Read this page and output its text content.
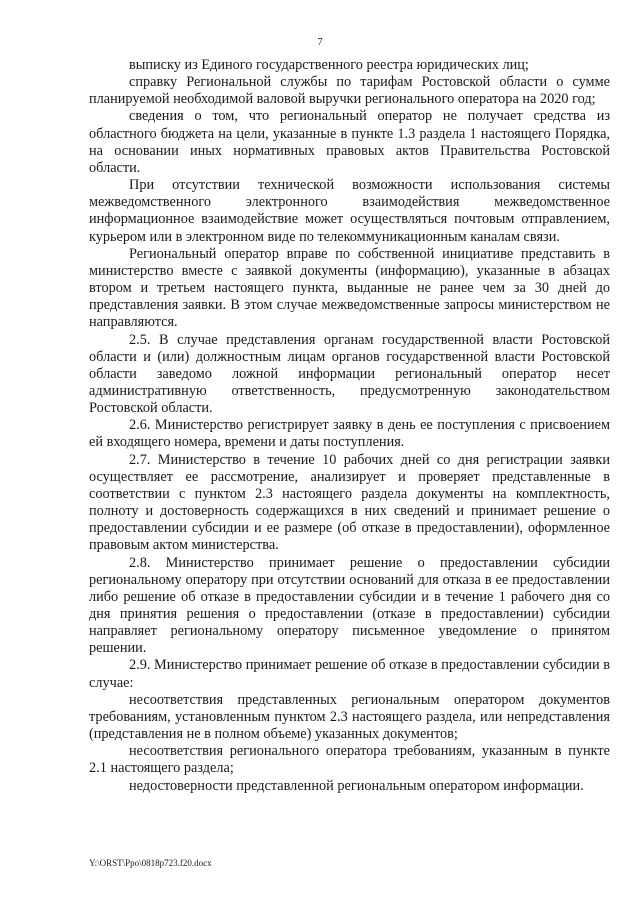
7

выписку из Единого государственного реестра юридических лиц;

справку Региональной службы по тарифам Ростовской области о сумме планируемой необходимой валовой выручки регионального оператора на 2020 год;

сведения о том, что региональный оператор не получает средства из областного бюджета на цели, указанные в пункте 1.3 раздела 1 настоящего Порядка, на основании иных нормативных правовых актов Правительства Ростовской области.

При отсутствии технической возможности использования системы межведомственного электронного взаимодействия межведомственное информационное взаимодействие может осуществляться почтовым отправлением, курьером или в электронном виде по телекоммуникационным каналам связи.

Региональный оператор вправе по собственной инициативе представить в министерство вместе с заявкой документы (информацию), указанные в абзацах втором и третьем настоящего пункта, выданные не ранее чем за 30 дней до представления заявки. В этом случае межведомственные запросы министерством не направляются.

2.5. В случае представления органам государственной власти Ростовской области и (или) должностным лицам органов государственной власти Ростовской области заведомо ложной информации региональный оператор несет административную ответственность, предусмотренную законодательством Ростовской области.

2.6. Министерство регистрирует заявку в день ее поступления с присвоением ей входящего номера, времени и даты поступления.

2.7. Министерство в течение 10 рабочих дней со дня регистрации заявки осуществляет ее рассмотрение, анализирует и проверяет представленные в соответствии с пунктом 2.3 настоящего раздела документы на комплектность, полноту и достоверность содержащихся в них сведений и принимает решение о предоставлении субсидии и ее размере (об отказе в предоставлении), оформленное правовым актом министерства.

2.8. Министерство принимает решение о предоставлении субсидии региональному оператору при отсутствии оснований для отказа в ее предоставлении либо решение об отказе в предоставлении субсидии и в течение 1 рабочего дня со дня принятия решения о предоставлении (отказе в предоставлении) субсидии направляет региональному оператору письменное уведомление о принятом решении.

2.9. Министерство принимает решение об отказе в предоставлении субсидии в случае:

несоответствия представленных региональным оператором документов требованиям, установленным пунктом 2.3 настоящего раздела, или непредставления (представления не в полном объеме) указанных документов;

несоответствия регионального оператора требованиям, указанным в пункте 2.1 настоящего раздела;

недостоверности представленной региональным оператором информации.

Y:\ORST\Ppo\0818p723.f20.docx
